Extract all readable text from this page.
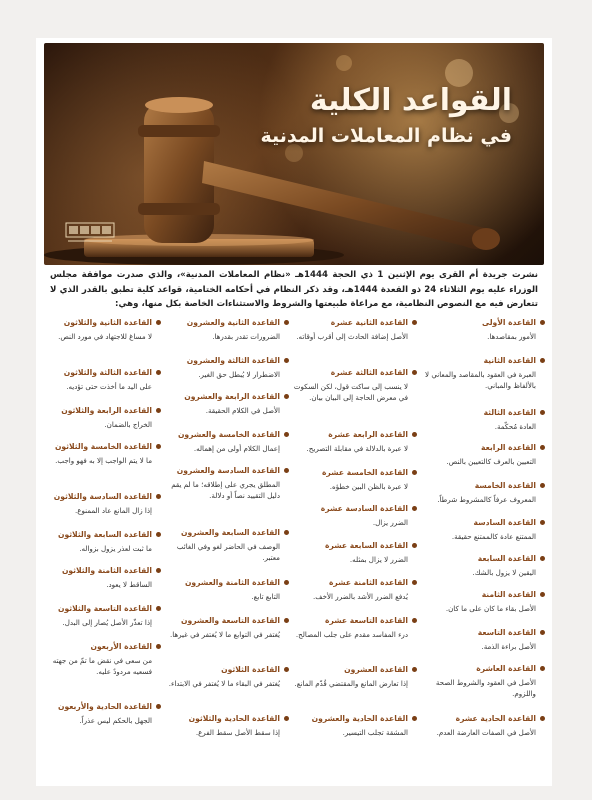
القواعد الكلية
في نظام المعاملات المدنية

نشرت جريدة أم القرى يوم الإثنين 1 ذي الحجة 1444هـ «نظام المعاملات المدنية»، والذي صدرت موافقة مجلس الوزراء عليه يوم الثلاثاء 24 ذو القعدة 1444هـ، وقد ذكر النظام في أحكامه الختامية، قواعد كلية تطبق بالقدر الذي لا تتعارض فيه مع النصوص النظامية، مع مراعاة طبيعتها والشروط والاستثناءات الخاصة بكل منها، وهي:

القاعدة الأولى
الأمور بمقاصدها.
القاعدة الثانية
العبرة في العقود بالمقاصد والمعاني لا بالألفاظ والمباني.
القاعدة الثالثة
العادة مُحكّمة.
القاعدة الرابعة
التعيين بالعرف كالتعيين بالنص.
القاعدة الخامسة
المعروف عرفاً كالمشروط شرطاً.
القاعدة السادسة
الممتنع عادة كالممتنع حقيقة.
القاعدة السابعة
اليقين لا يزول بالشك.
القاعدة الثامنة
الأصل بقاء ما كان على ما كان.
القاعدة التاسعة
الأصل براءة الذمة.
القاعدة العاشرة
الأصل في العقود والشروط الصحة واللزوم.
القاعدة الحادية عشرة
الأصل في الصفات العارضة العدم.
القاعدة الثانية عشرة
الأصل إضافة الحادث إلى أقرب أوقاته.
القاعدة الثالثة عشرة
لا ينسب إلى ساكت قول، لكن السكوت في معرض الحاجة إلى البيان بيان.
القاعدة الرابعة عشرة
لا عبرة بالدلالة في مقابلة التصريح.
القاعدة الخامسة عشرة
لا عبرة بالظن البين خطؤه.
القاعدة السادسة عشرة
الضرر يزال.
القاعدة السابعة عشرة
الضرر لا يزال بمثله.
القاعدة الثامنة عشرة
يُدفع الضرر الأشد بالضرر الأخف.
القاعدة التاسعة عشرة
درء المفاسد مقدم على جلب المصالح.
القاعدة العشرون
إذا تعارض المانع والمقتضي قُدّم المانع.
القاعدة الحادية والعشرون
المشقة تجلب التيسير.
القاعدة الثانية والعشرون
الضرورات تقدر بقدرها.
القاعدة الثالثة والعشرون
الاضطرار لا يُبطل حق الغير.
القاعدة الرابعة والعشرون
الأصل في الكلام الحقيقة.
القاعدة الخامسة والعشرون
إعمال الكلام أولى من إهماله.
القاعدة السادسة والعشرون
المطلق يجري على إطلاقه؛ ما لم يقم دليل التقييد نصاً أو دلالة.
القاعدة السابعة والعشرون
الوصف في الحاضر لغو وفي الغائب معتبر.
القاعدة الثامنة والعشرون
التابع تابع.
القاعدة التاسعة والعشرون
يُغتفر في التوابع ما لا يُغتفر في غيرها.
القاعدة الثلاثون
يُغتفر في البقاء ما لا يُغتفر في الابتداء.
القاعدة الحادية والثلاثون
إذا سقط الأصل سقط الفرع.
القاعدة الثانية والثلاثون
لا مساغ للاجتهاد في مورد النص.
القاعدة الثالثة والثلاثون
على اليد ما أخذت حتى تؤديه.
القاعدة الرابعة والثلاثون
الخراج بالضمان.
القاعدة الخامسة والثلاثون
ما لا يتم الواجب إلا به فهو واجب.
القاعدة السادسة والثلاثون
إذا زال المانع عاد الممنوع.
القاعدة السابعة والثلاثون
ما ثبت لعذر يزول بزواله.
القاعدة الثامنة والثلاثون
الساقط لا يعود.
القاعدة التاسعة والثلاثون
إذا تعذّر الأصل يُصار إلى البدل.
القاعدة الأربعون
من سعى في نقض ما تمّ من جهته فسعيه مردودٌ عليه.
القاعدة الحادية والأربعون
الجهل بالحكم ليس عذراً.
